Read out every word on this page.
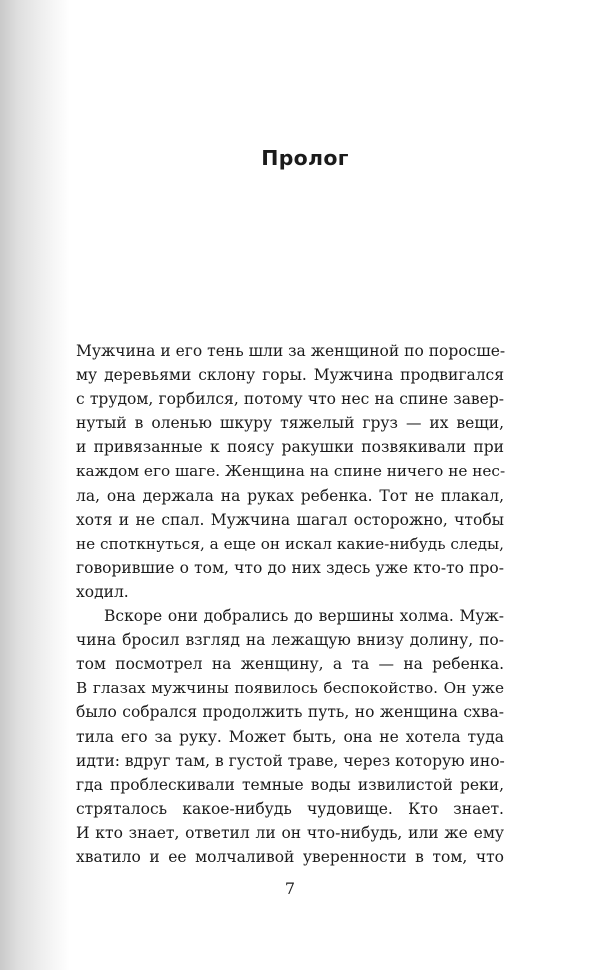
Пролог
Мужчина и его тень шли за женщиной по поросше-
му деревьями склону горы. Мужчина продвигался
с трудом, горбился, потому что нес на спине завер-
нутый в оленью шкуру тяжелый груз — их вещи,
и привязанные к поясу ракушки позвякивали при
каждом его шаге. Женщина на спине ничего не нес-
ла, она держала на руках ребенка. Тот не плакал,
хотя и не спал. Мужчина шагал осторожно, чтобы
не споткнуться, а еще он искал какие-нибудь следы,
говорившие о том, что до них здесь уже кто-то про-
ходил.
Вскоре они добрались до вершины холма. Муж-
чина бросил взгляд на лежащую внизу долину, по-
том посмотрел на женщину, а та — на ребенка.
В глазах мужчины появилось беспокойство. Он уже
было собрался продолжить путь, но женщина схва-
тила его за руку. Может быть, она не хотела туда
идти: вдруг там, в густой траве, через которую ино-
гда проблескивали темные воды извилистой реки,
стряталось какое-нибудь чудовище. Кто знает.
И кто знает, ответил ли он что-нибудь, или же ему
хватило и ее молчаливой уверенности в том, что
7
